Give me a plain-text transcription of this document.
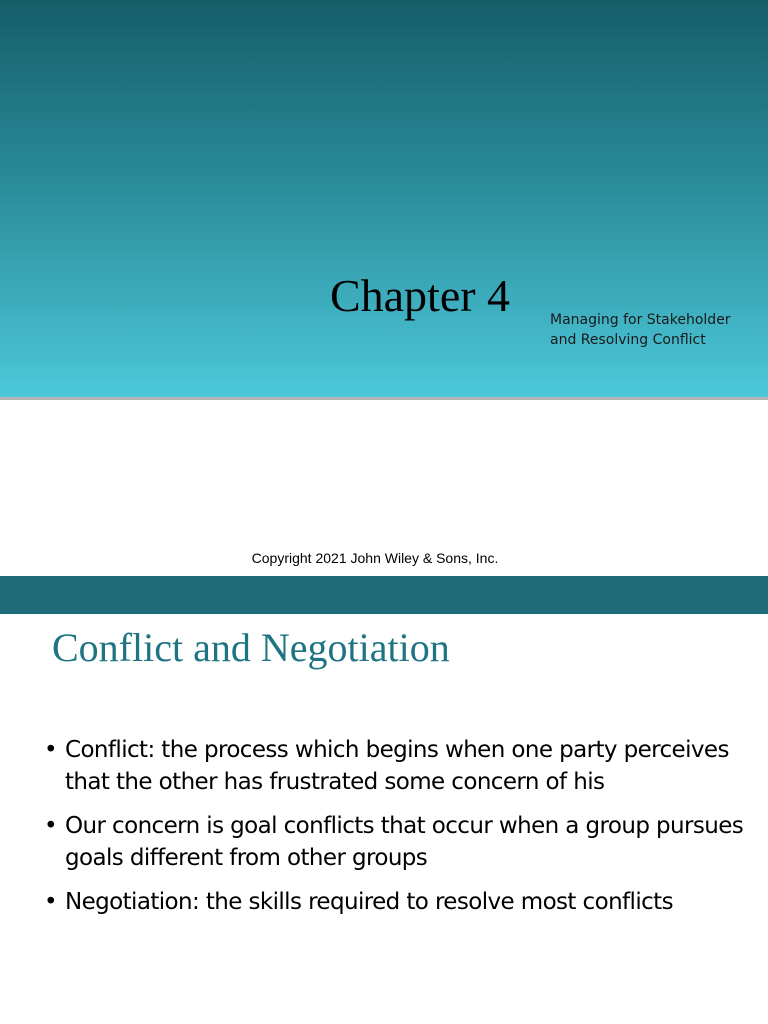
Chapter 4	Managing for Stakeholder
and Resolving Conflict
Copyright 2021 John Wiley & Sons, Inc.
Conflict and Negotiation
• Conflict: the process which begins when one party perceives that the other has frustrated some concern of his
• Our concern is goal conflicts that occur when a group pursues goals different from other groups
• Negotiation: the skills required to resolve most conflicts
